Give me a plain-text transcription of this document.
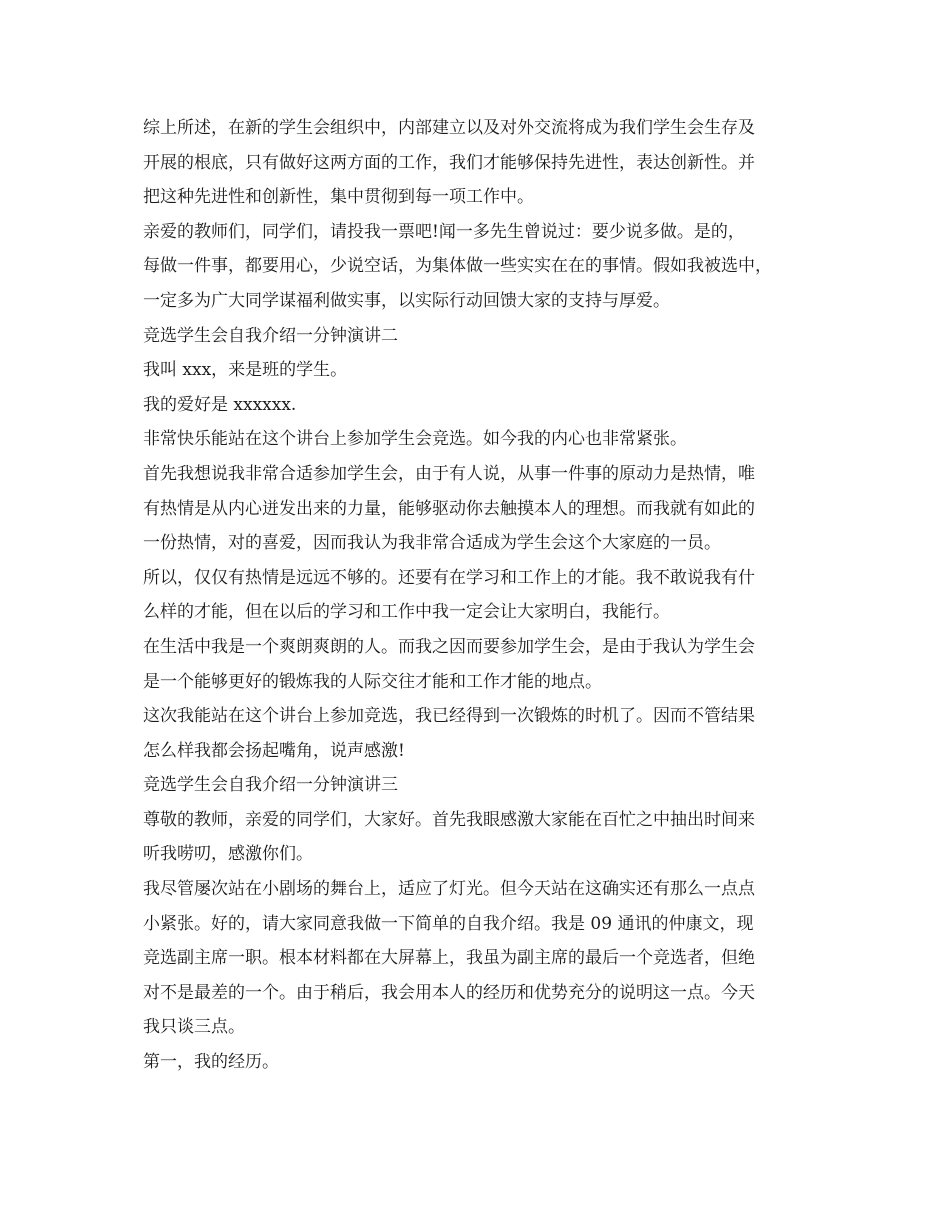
综上所述，在新的学生会组织中，内部建立以及对外交流将成为我们学生会生存及
开展的根底，只有做好这两方面的工作，我们才能够保持先进性，表达创新性。并
把这种先进性和创新性，集中贯彻到每一项工作中。
亲爱的教师们，同学们，请投我一票吧!闻一多先生曾说过：要少说多做。是的，
每做一件事，都要用心，少说空话，为集体做一些实实在在的事情。假如我被选中，
一定多为广大同学谋福利做实事，以实际行动回馈大家的支持与厚爱。
竞选学生会自我介绍一分钟演讲二
我叫 xxx，来是班的学生。
我的爱好是 xxxxxx.
非常快乐能站在这个讲台上参加学生会竞选。如今我的内心也非常紧张。
首先我想说我非常合适参加学生会，由于有人说，从事一件事的原动力是热情，唯
有热情是从内心迸发出来的力量，能够驱动你去触摸本人的理想。而我就有如此的
一份热情，对的喜爱，因而我认为我非常合适成为学生会这个大家庭的一员。
所以，仅仅有热情是远远不够的。还要有在学习和工作上的才能。我不敢说我有什
么样的才能，但在以后的学习和工作中我一定会让大家明白，我能行。
在生活中我是一个爽朗爽朗的人。而我之因而要参加学生会，是由于我认为学生会
是一个能够更好的锻炼我的人际交往才能和工作才能的地点。
这次我能站在这个讲台上参加竞选，我已经得到一次锻炼的时机了。因而不管结果
怎么样我都会扬起嘴角，说声感激!
竞选学生会自我介绍一分钟演讲三
尊敬的教师，亲爱的同学们，大家好。首先我眼感激大家能在百忙之中抽出时间来
听我唠叨，感激你们。
我尽管屡次站在小剧场的舞台上，适应了灯光。但今天站在这确实还有那么一点点
小紧张。好的，请大家同意我做一下简单的自我介绍。我是 09 通讯的仲康文，现
竞选副主席一职。根本材料都在大屏幕上，我虽为副主席的最后一个竞选者，但绝
对不是最差的一个。由于稍后，我会用本人的经历和优势充分的说明这一点。今天
我只谈三点。
第一，我的经历。
